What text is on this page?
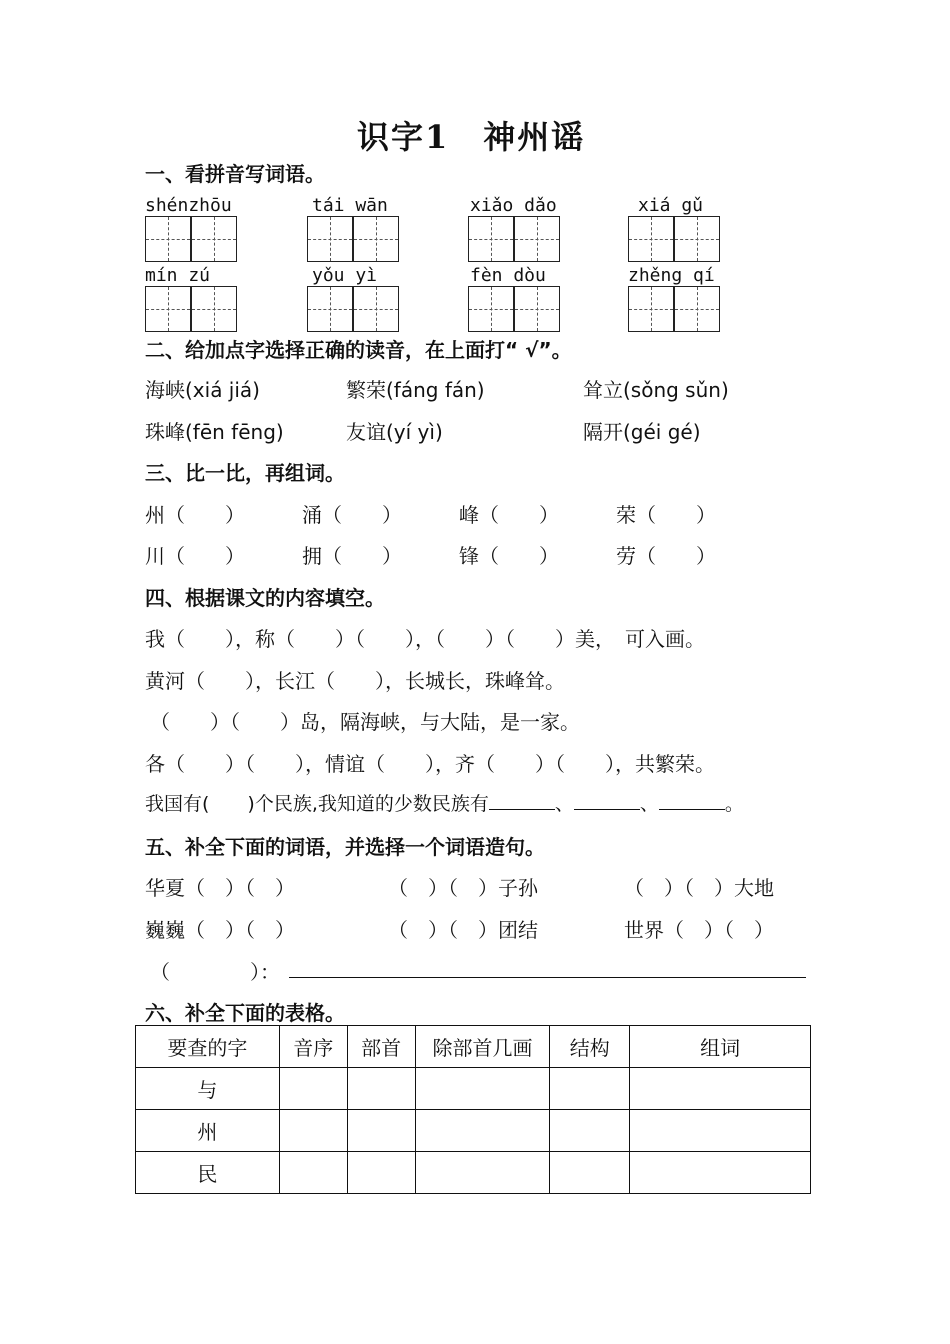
识字1　神州谣
一、看拼音写词语。
shénzhōu	tái wān	xiǎo dǎo	xiá gǔ
mín zú	yǒu yì	fèn dòu	zhěng qí
二、给加点字选择正确的读音，在上面打“ √”。
海峡(xiá jiá)	繁荣(fáng fán)	耸立(sǒng sǔn)
珠峰(fēn fēng)	友谊(yí yì)	隔开(géi gé)
三、比一比，再组词。
州（　　）	涌（　　）	峰（　　）	荣（　　）
川（　　）	拥（　　）	锋（　　）	劳（　　）
四、根据课文的内容填空。
我（　　），称（　　）（　　），（　　）（　　）美，　可入画。
黄河（　　），长江（　　），长城长，珠峰耸。
（　　）（　　）岛，隔海峡，与大陆，是一家。
各（　　）（　　），情谊（　　），齐（　　）（　　），共繁荣。
我国有(　　)个民族,我知道的少数民族有	、	、	。
五、补全下面的词语，并选择一个词语造句。
华夏（　）（　）	（　）（　）子孙	（　）（　）大地
巍巍（　）（　）	（　）（　）团结	世界（　）（　）
（　　　　）：
六、补全下面的表格。
要查的字	音序	部首	除部首几画	结构	组词
与					
州					
民					
